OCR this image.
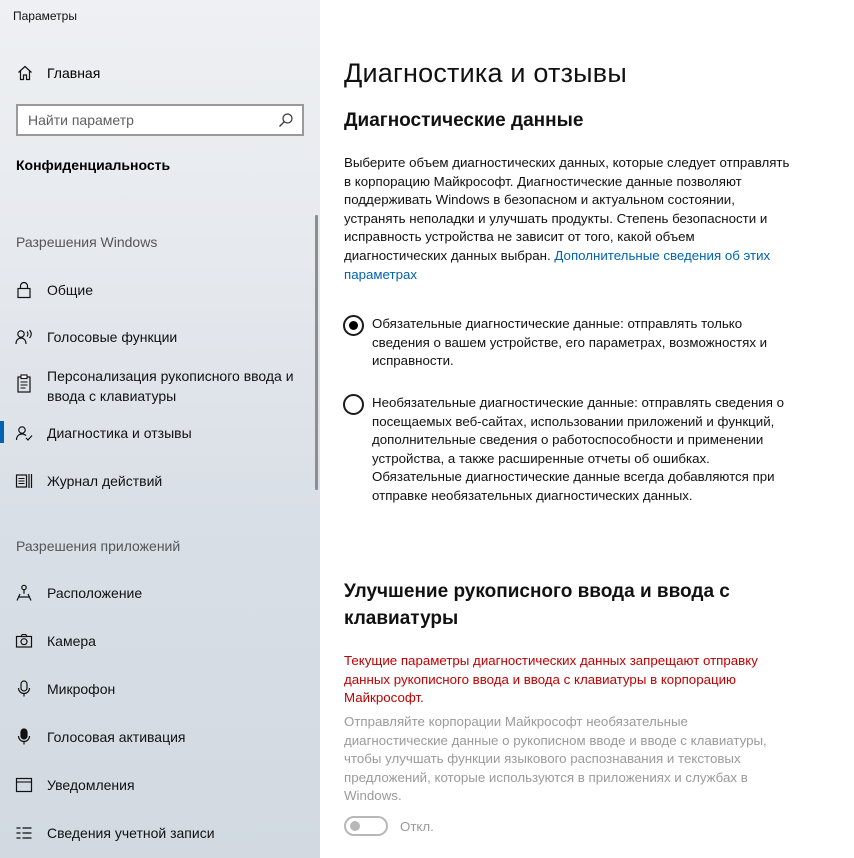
Параметры
Главная
Найти параметр
Конфиденциальность
Разрешения Windows
Общие
Голосовые функции
Персонализация рукописного ввода и ввода с клавиатуры
Диагностика и отзывы
Журнал действий
Разрешения приложений
Расположение
Камера
Микрофон
Голосовая активация
Уведомления
Сведения учетной записи
Диагностика и отзывы
Диагностические данные

Выберите объем диагностических данных, которые следует отправлять в корпорацию Майкрософт. Диагностические данные позволяют поддерживать Windows в безопасном и актуальном состоянии, устранять неполадки и улучшать продукты. Степень безопасности и исправность устройства не зависит от того, какой объем диагностических данных выбран. Дополнительные сведения об этих параметрах

Обязательные диагностические данные: отправлять только сведения о вашем устройстве, его параметрах, возможностях и исправности.
Необязательные диагностические данные: отправлять сведения о посещаемых веб-сайтах, использовании приложений и функций, дополнительные сведения о работоспособности и применении устройства, а также расширенные отчеты об ошибках. Обязательные диагностические данные всегда добавляются при отправке необязательных диагностических данных.
Улучшение рукописного ввода и ввода с клавиатуры

Текущие параметры диагностических данных запрещают отправку данных рукописного ввода и ввода с клавиатуры в корпорацию Майкрософт.

Отправляйте корпорации Майкрософт необязательные диагностические данные о рукописном вводе и вводе с клавиатуры, чтобы улучшать функции языкового распознавания и текстовых предложений, которые используются в приложениях и службах в Windows.

Откл.
